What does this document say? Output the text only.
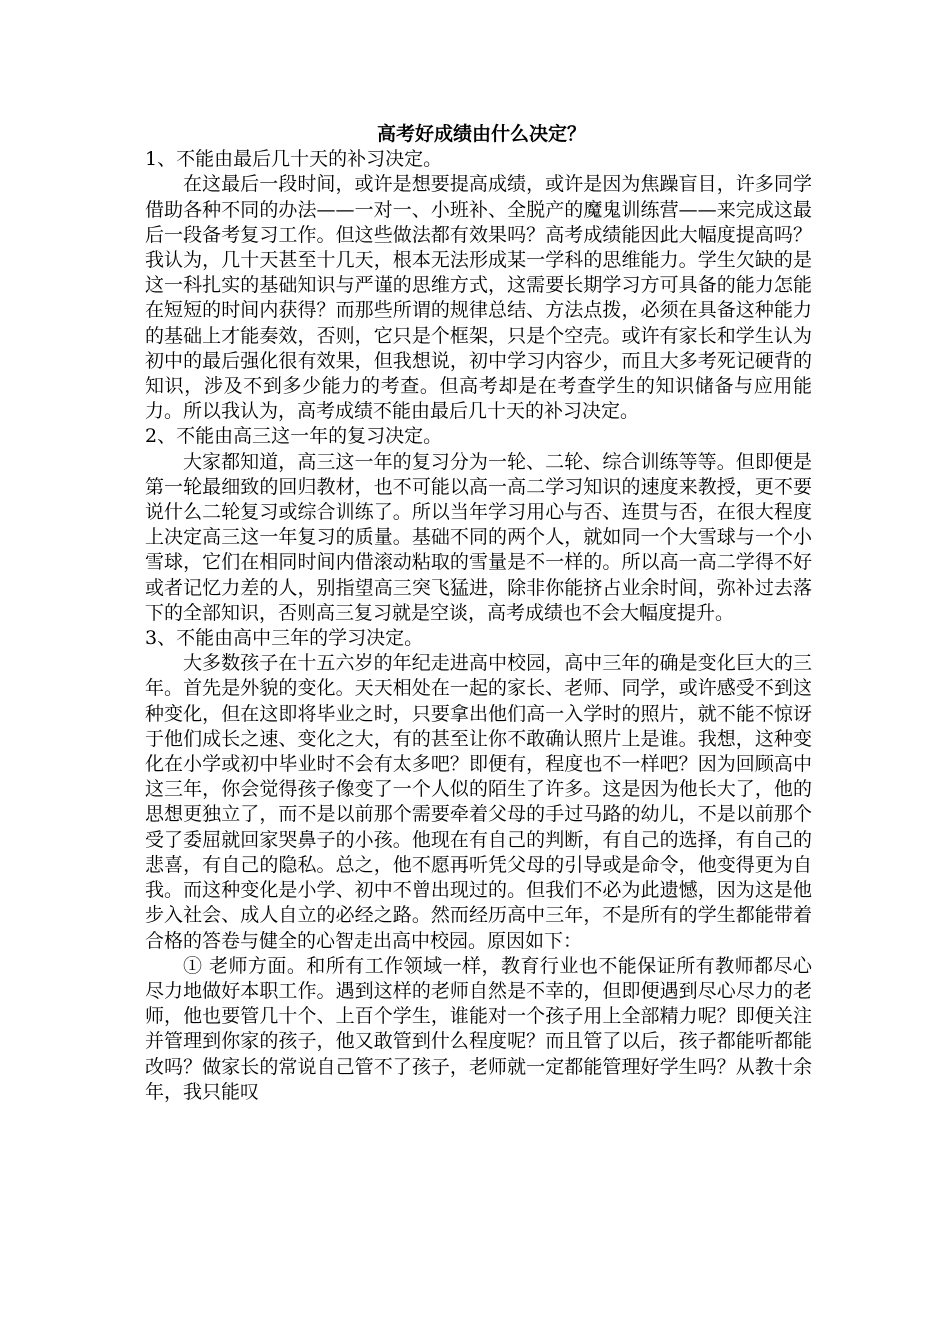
高考好成绩由什么决定？

1、不能由最后几十天的补习决定。

在这最后一段时间，或许是想要提高成绩，或许是因为焦躁盲目，许多同学借助各种不同的办法——一对一、小班补、全脱产的魔鬼训练营——来完成这最后一段备考复习工作。但这些做法都有效果吗？高考成绩能因此大幅度提高吗？我认为，几十天甚至十几天，根本无法形成某一学科的思维能力。学生欠缺的是这一科扎实的基础知识与严谨的思维方式，这需要长期学习方可具备的能力怎能在短短的时间内获得？而那些所谓的规律总结、方法点拨，必须在具备这种能力的基础上才能奏效，否则，它只是个框架，只是个空壳。或许有家长和学生认为初中的最后强化很有效果，但我想说，初中学习内容少，而且大多考死记硬背的知识，涉及不到多少能力的考查。但高考却是在考查学生的知识储备与应用能力。所以我认为，高考成绩不能由最后几十天的补习决定。

2、不能由高三这一年的复习决定。

大家都知道，高三这一年的复习分为一轮、二轮、综合训练等等。但即便是第一轮最细致的回归教材，也不可能以高一高二学习知识的速度来教授，更不要说什么二轮复习或综合训练了。所以当年学习用心与否、连贯与否，在很大程度上决定高三这一年复习的质量。基础不同的两个人，就如同一个大雪球与一个小雪球，它们在相同时间内借滚动粘取的雪量是不一样的。所以高一高二学得不好或者记忆力差的人，别指望高三突飞猛进，除非你能挤占业余时间，弥补过去落下的全部知识，否则高三复习就是空谈，高考成绩也不会大幅度提升。

3、不能由高中三年的学习决定。

大多数孩子在十五六岁的年纪走进高中校园，高中三年的确是变化巨大的三年。首先是外貌的变化。天天相处在一起的家长、老师、同学，或许感受不到这种变化，但在这即将毕业之时，只要拿出他们高一入学时的照片，就不能不惊讶于他们成长之速、变化之大，有的甚至让你不敢确认照片上是谁。我想，这种变化在小学或初中毕业时不会有太多吧？即便有，程度也不一样吧？因为回顾高中这三年，你会觉得孩子像变了一个人似的陌生了许多。这是因为他长大了，他的思想更独立了，而不是以前那个需要牵着父母的手过马路的幼儿，不是以前那个受了委屈就回家哭鼻子的小孩。他现在有自己的判断，有自己的选择，有自己的悲喜，有自己的隐私。总之，他不愿再听凭父母的引导或是命令，他变得更为自我。而这种变化是小学、初中不曾出现过的。但我们不必为此遗憾，因为这是他步入社会、成人自立的必经之路。然而经历高中三年，不是所有的学生都能带着合格的答卷与健全的心智走出高中校园。原因如下：

① 老师方面。和所有工作领域一样，教育行业也不能保证所有教师都尽心尽力地做好本职工作。遇到这样的老师自然是不幸的，但即便遇到尽心尽力的老师，他也要管几十个、上百个学生，谁能对一个孩子用上全部精力呢？即便关注并管理到你家的孩子，他又敢管到什么程度呢？而且管了以后，孩子都能听都能改吗？做家长的常说自己管不了孩子，老师就一定都能管理好学生吗？从教十余年，我只能叹
